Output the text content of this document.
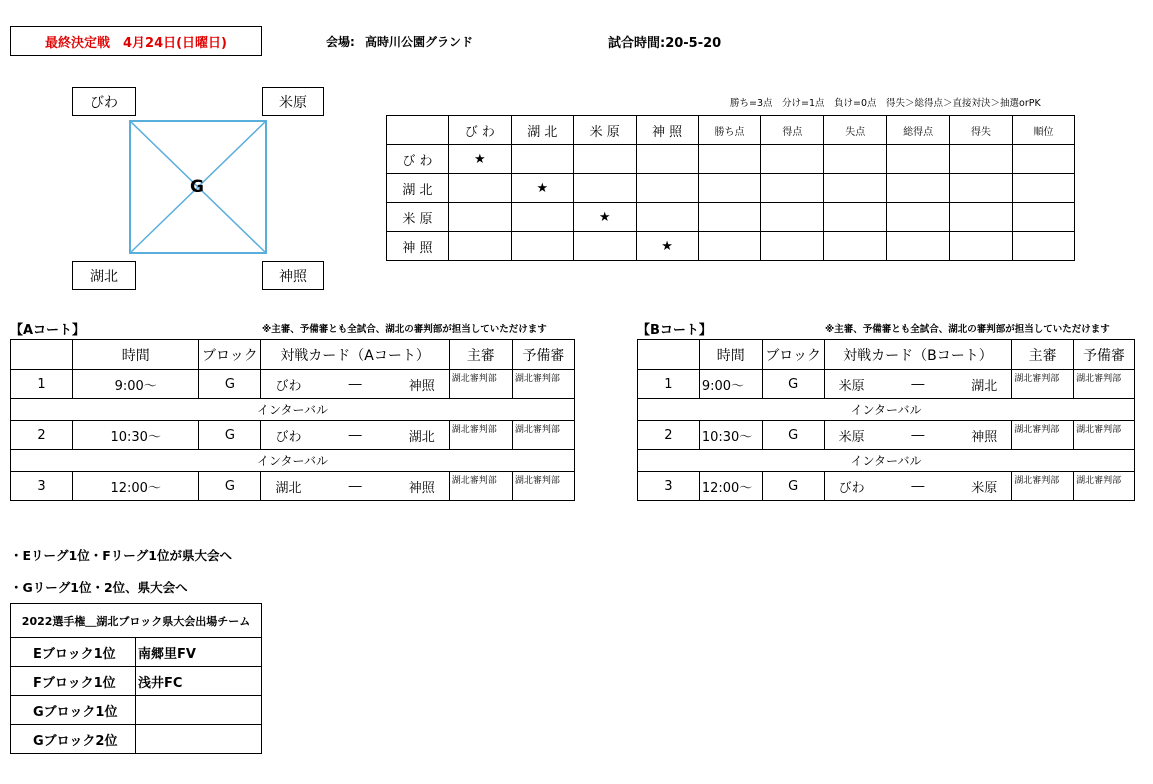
最終決定戦　4月24日(日曜日)	会場: 高時川公園グランド	試合時間:20-5-20
びわ	米原
湖北	神照
G
勝ち=3点　分け=1点　負け=0点　得失＞総得点＞直接対決＞抽選orPK
	び わ	湖 北	米 原	神 照	勝ち点	得点	失点	総得点	得失	順位
び わ	★									
湖 北		★								
米 原			★							
神 照				★						
【Aコート】	※主審、予備審とも全試合、湖北の審判部が担当していただけます
	時間	ブロック	対戦カード（Aコート）	主審	予備審
1	9:00～	G	びわ ― 神照	湖北審判部	湖北審判部
インターバル					
2	10:30～	G	びわ ― 湖北	湖北審判部	湖北審判部
インターバル					
3	12:00～	G	湖北 ― 神照	湖北審判部	湖北審判部
【Bコート】	※主審、予備審とも全試合、湖北の審判部が担当していただけます
	時間	ブロック	対戦カード（Bコート）	主審	予備審
1	9:00～	G	米原 ― 湖北	湖北審判部	湖北審判部
インターバル					
2	10:30～	G	米原 ― 神照	湖北審判部	湖北審判部
インターバル					
3	12:00～	G	びわ ― 米原	湖北審判部	湖北審判部
・Eリーグ1位・Fリーグ1位が県大会へ
・Gリーグ1位・2位、県大会へ
2022選手権＿湖北ブロック県大会出場チーム	
Eブロック1位	南郷里FV
Fブロック1位	浅井FC
Gブロック1位	
Gブロック2位	
